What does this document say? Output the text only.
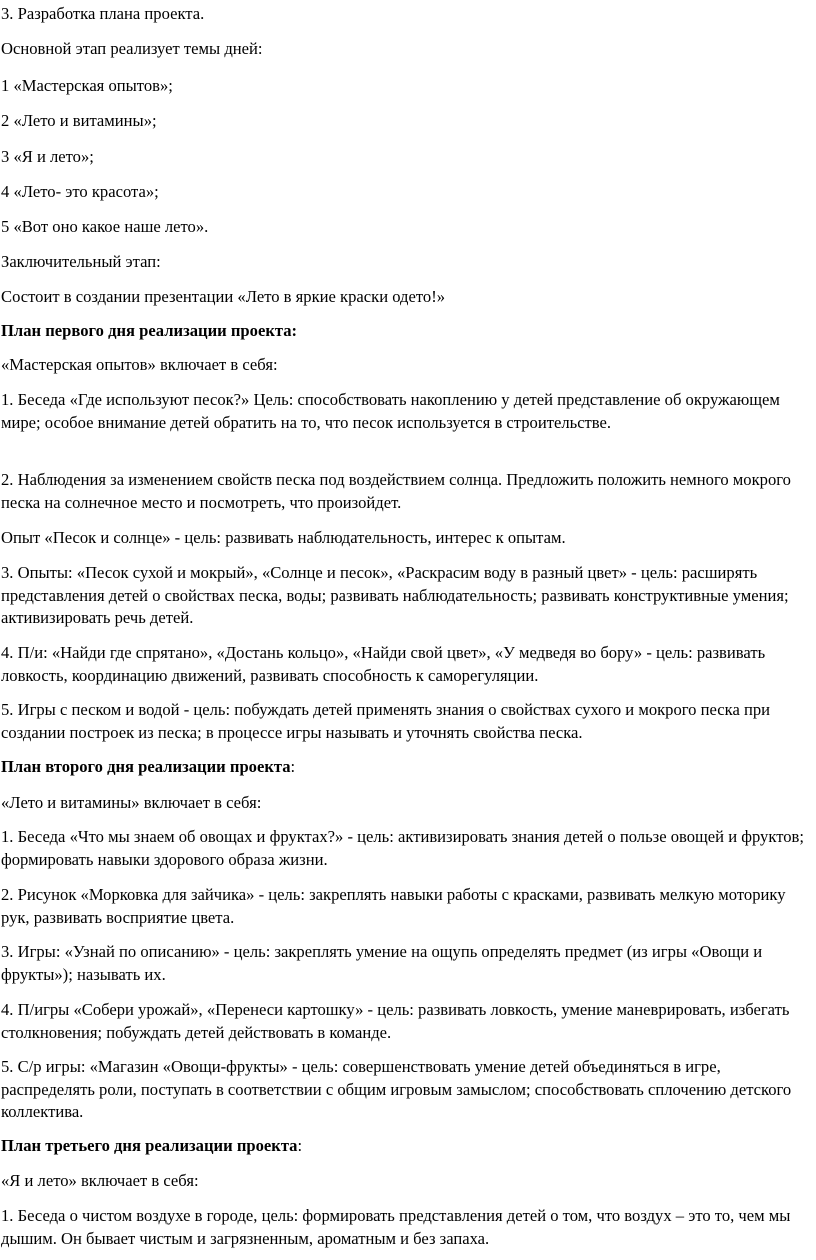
3. Разработка плана проекта.

Основной этап реализует темы дней:

1 «Мастерская опытов»;

2 «Лето и витамины»;

3 «Я и лето»;

4 «Лето- это красота»;

5 «Вот оно какое наше лето».

Заключительный этап:

Состоит в создании презентации «Лето в яркие краски одето!»

План первого дня реализации проекта:

«Мастерская опытов» включает в себя:

1. Беседа «Где используют песок?» Цель: способствовать накоплению у детей представление об окружающем мире; особое внимание детей обратить на то, что песок используется в строительстве.

2. Наблюдения за изменением свойств песка под воздействием солнца. Предложить положить немного мокрого песка на солнечное место и посмотреть, что произойдет.

Опыт «Песок и солнце» - цель: развивать наблюдательность, интерес к опытам.

3. Опыты: «Песок сухой и мокрый», «Солнце и песок», «Раскрасим воду в разный цвет» - цель: расширять представления детей о свойствах песка, воды; развивать наблюдательность; развивать конструктивные умения; активизировать речь детей.

4. П/и: «Найди где спрятано», «Достань кольцо», «Найди свой цвет», «У медведя во бору» - цель: развивать ловкость, координацию движений, развивать способность к саморегуляции.

5. Игры с песком и водой - цель: побуждать детей применять знания о свойствах сухого и мокрого песка при создании построек из песка; в процессе игры называть и уточнять свойства песка.

План второго дня реализации проекта:

«Лето и витамины» включает в себя:

1. Беседа «Что мы знаем об овощах и фруктах?» - цель: активизировать знания детей о пользе овощей и фруктов; формировать навыки здорового образа жизни.

2. Рисунок «Морковка для зайчика» - цель: закреплять навыки работы с красками, развивать мелкую моторику рук, развивать восприятие цвета.

3. Игры: «Узнай по описанию» - цель: закреплять умение на ощупь определять предмет (из игры «Овощи и фрукты»); называть их.

4. П/игры «Собери урожай», «Перенеси картошку» - цель: развивать ловкость, умение маневрировать, избегать столкновения; побуждать детей действовать в команде.

5. С/р игры: «Магазин «Овощи-фрукты» - цель: совершенствовать умение детей объединяться в игре, распределять роли, поступать в соответствии с общим игровым замыслом; способствовать сплочению детского коллектива.

План третьего дня реализации проекта:

«Я и лето» включает в себя:

1. Беседа о чистом воздухе в городе, цель: формировать представления детей о том, что воздух – это то, чем мы дышим. Он бывает чистым и загрязненным, ароматным и без запаха.
